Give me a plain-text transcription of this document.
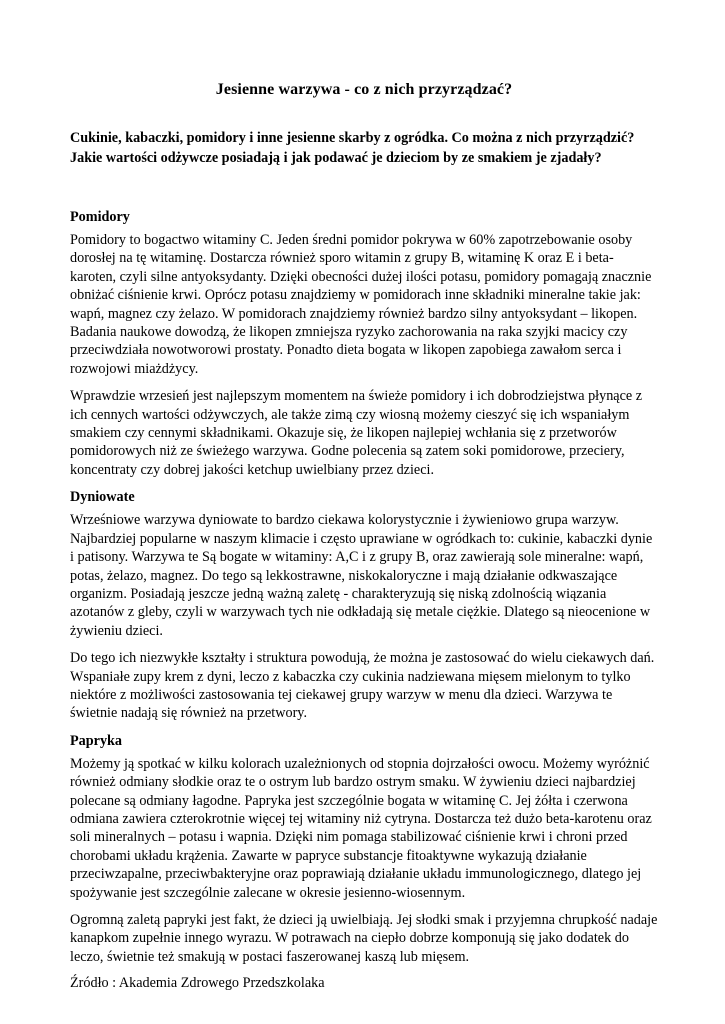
Jesienne warzywa - co z nich przyrządzać?

Cukinie, kabaczki, pomidory i inne jesienne skarby z ogródka. Co można z nich przyrządzić? Jakie wartości odżywcze posiadają i jak podawać je dzieciom by ze smakiem je zjadały?

Pomidory

Pomidory to bogactwo witaminy C. Jeden średni pomidor pokrywa w 60% zapotrzebowanie osoby dorosłej na tę witaminę. Dostarcza również sporo witamin z grupy B, witaminę K oraz E i beta-karoten, czyli silne antyoksydanty. Dzięki obecności dużej ilości potasu, pomidory pomagają znacznie obniżać ciśnienie krwi. Oprócz potasu znajdziemy w pomidorach inne składniki mineralne takie jak: wapń, magnez czy żelazo. W pomidorach znajdziemy również bardzo silny antyoksydant – likopen. Badania naukowe dowodzą, że likopen zmniejsza ryzyko zachorowania na raka szyjki macicy czy przeciwdziała nowotworowi prostaty. Ponadto dieta bogata w likopen zapobiega zawałom serca i rozwojowi miażdżycy.

Wprawdzie wrzesień jest najlepszym momentem na świeże pomidory i ich dobrodziejstwa płynące z ich cennych wartości odżywczych, ale także zimą czy wiosną możemy cieszyć się ich wspaniałym smakiem czy cennymi składnikami. Okazuje się, że likopen najlepiej wchłania się z przetworów pomidorowych niż ze świeżego warzywa. Godne polecenia są zatem soki pomidorowe, przeciery, koncentraty czy dobrej jakości ketchup uwielbiany przez dzieci.

Dyniowate

Wrześniowe warzywa dyniowate to bardzo ciekawa kolorystycznie i żywieniowo grupa warzyw. Najbardziej popularne w naszym klimacie i często uprawiane w ogródkach to: cukinie, kabaczki dynie i patisony. Warzywa te Są bogate w witaminy: A,C i z grupy B, oraz zawierają sole mineralne: wapń, potas, żelazo, magnez. Do tego są lekkostrawne, niskokaloryczne i mają działanie odkwaszające organizm. Posiadają jeszcze jedną ważną zaletę - charakteryzują się niską zdolnością wiązania azotanów z gleby, czyli w warzywach tych nie odkładają się metale ciężkie. Dlatego są nieocenione w żywieniu dzieci.

Do tego ich niezwykłe kształty i struktura powodują, że można je zastosować do wielu ciekawych dań. Wspaniałe zupy krem z dyni, leczo z kabaczka czy cukinia nadziewana mięsem mielonym to tylko niektóre z możliwości zastosowania tej ciekawej grupy warzyw w menu dla dzieci. Warzywa te świetnie nadają się również na przetwory.

Papryka

Możemy ją spotkać w kilku kolorach uzależnionych od stopnia dojrzałości owocu. Możemy wyróżnić również odmiany słodkie oraz te o ostrym lub bardzo ostrym smaku. W żywieniu dzieci najbardziej polecane są odmiany łagodne. Papryka jest szczególnie bogata w witaminę C. Jej żółta i czerwona odmiana zawiera czterokrotnie więcej tej witaminy niż cytryna. Dostarcza też dużo beta-karotenu oraz soli mineralnych – potasu i wapnia. Dzięki nim pomaga stabilizować ciśnienie krwi i chroni przed chorobami układu krążenia. Zawarte w papryce substancje fitoaktywne wykazują działanie przeciwzapalne, przeciwbakteryjne oraz poprawiają działanie układu immunologicznego, dlatego jej spożywanie jest szczególnie zalecane w okresie jesienno-wiosennym.

Ogromną zaletą papryki jest fakt, że dzieci ją uwielbiają. Jej słodki smak i przyjemna chrupkość nadaje kanapkom zupełnie innego wyrazu. W potrawach na ciepło dobrze komponują się jako dodatek do leczo, świetnie też smakują w postaci faszerowanej kaszą lub mięsem.

Źródło : Akademia Zdrowego Przedszkolaka
